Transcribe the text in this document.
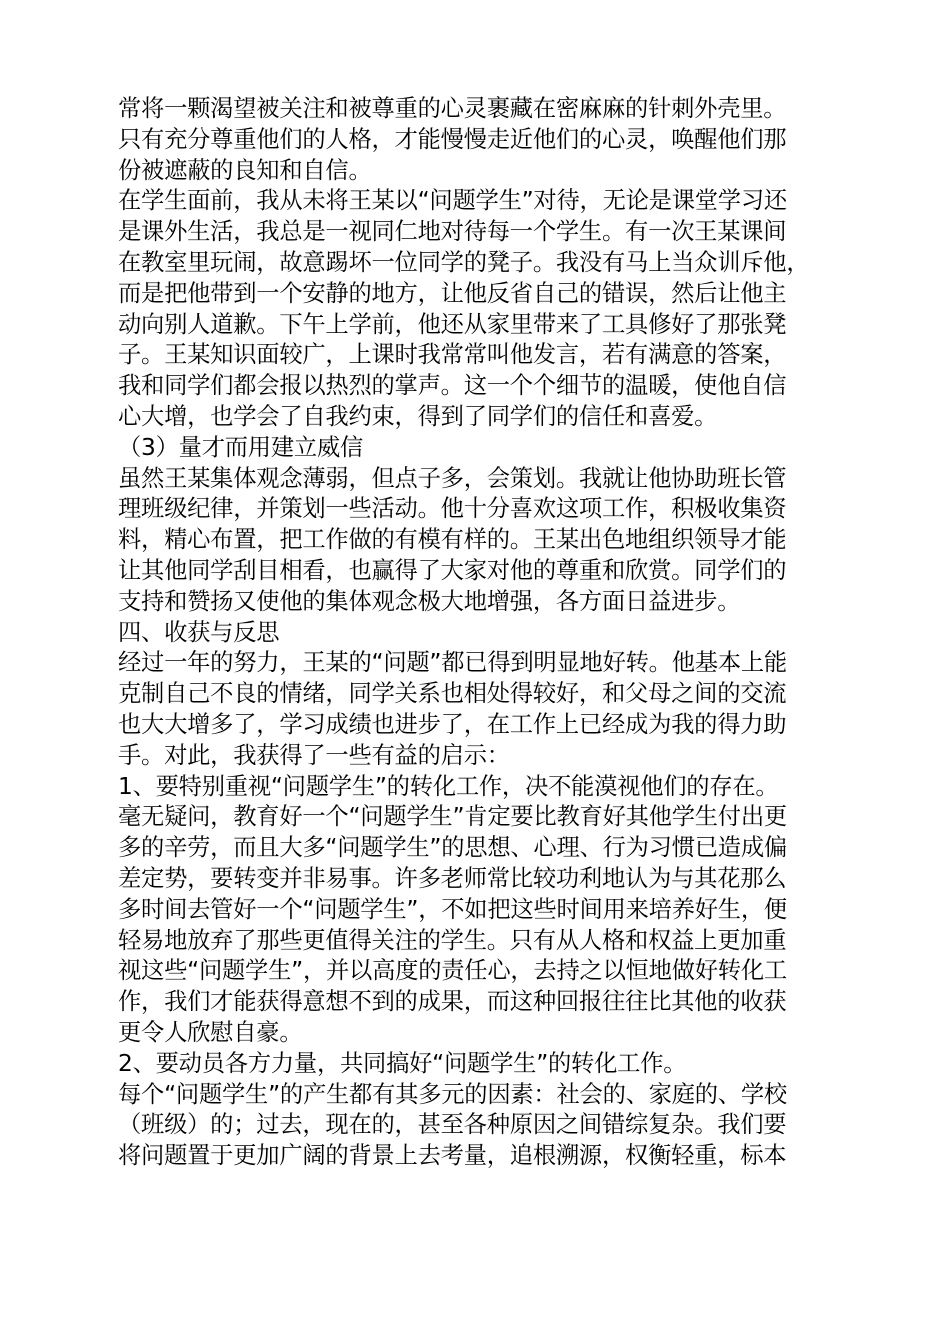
常将一颗渴望被关注和被尊重的心灵裹藏在密麻麻的针刺外壳里。
只有充分尊重他们的人格，才能慢慢走近他们的心灵，唤醒他们那
份被遮蔽的良知和自信。
在学生面前，我从未将王某以“问题学生”对待，无论是课堂学习还
是课外生活，我总是一视同仁地对待每一个学生。有一次王某课间
在教室里玩闹，故意踢坏一位同学的凳子。我没有马上当众训斥他，
而是把他带到一个安静的地方，让他反省自己的错误，然后让他主
动向别人道歉。下午上学前，他还从家里带来了工具修好了那张凳
子。王某知识面较广，上课时我常常叫他发言，若有满意的答案，
我和同学们都会报以热烈的掌声。这一个个细节的温暖，使他自信
心大增，也学会了自我约束，得到了同学们的信任和喜爱。
（3）量才而用建立威信
虽然王某集体观念薄弱，但点子多，会策划。我就让他协助班长管
理班级纪律，并策划一些活动。他十分喜欢这项工作，积极收集资
料，精心布置，把工作做的有模有样的。王某出色地组织领导才能
让其他同学刮目相看，也赢得了大家对他的尊重和欣赏。同学们的
支持和赞扬又使他的集体观念极大地增强，各方面日益进步。
四、收获与反思
经过一年的努力，王某的“问题”都已得到明显地好转。他基本上能
克制自己不良的情绪，同学关系也相处得较好，和父母之间的交流
也大大增多了，学习成绩也进步了，在工作上已经成为我的得力助
手。对此，我获得了一些有益的启示：
1、要特别重视“问题学生”的转化工作，决不能漠视他们的存在。
毫无疑问，教育好一个“问题学生”肯定要比教育好其他学生付出更
多的辛劳，而且大多“问题学生”的思想、心理、行为习惯已造成偏
差定势，要转变并非易事。许多老师常比较功利地认为与其花那么
多时间去管好一个“问题学生”，不如把这些时间用来培养好生，便
轻易地放弃了那些更值得关注的学生。只有从人格和权益上更加重
视这些“问题学生”，并以高度的责任心，去持之以恒地做好转化工
作，我们才能获得意想不到的成果，而这种回报往往比其他的收获
更令人欣慰自豪。
2、要动员各方力量，共同搞好“问题学生”的转化工作。
每个“问题学生”的产生都有其多元的因素：社会的、家庭的、学校
（班级）的；过去，现在的，甚至各种原因之间错综复杂。我们要
将问题置于更加广阔的背景上去考量，追根溯源，权衡轻重，标本
